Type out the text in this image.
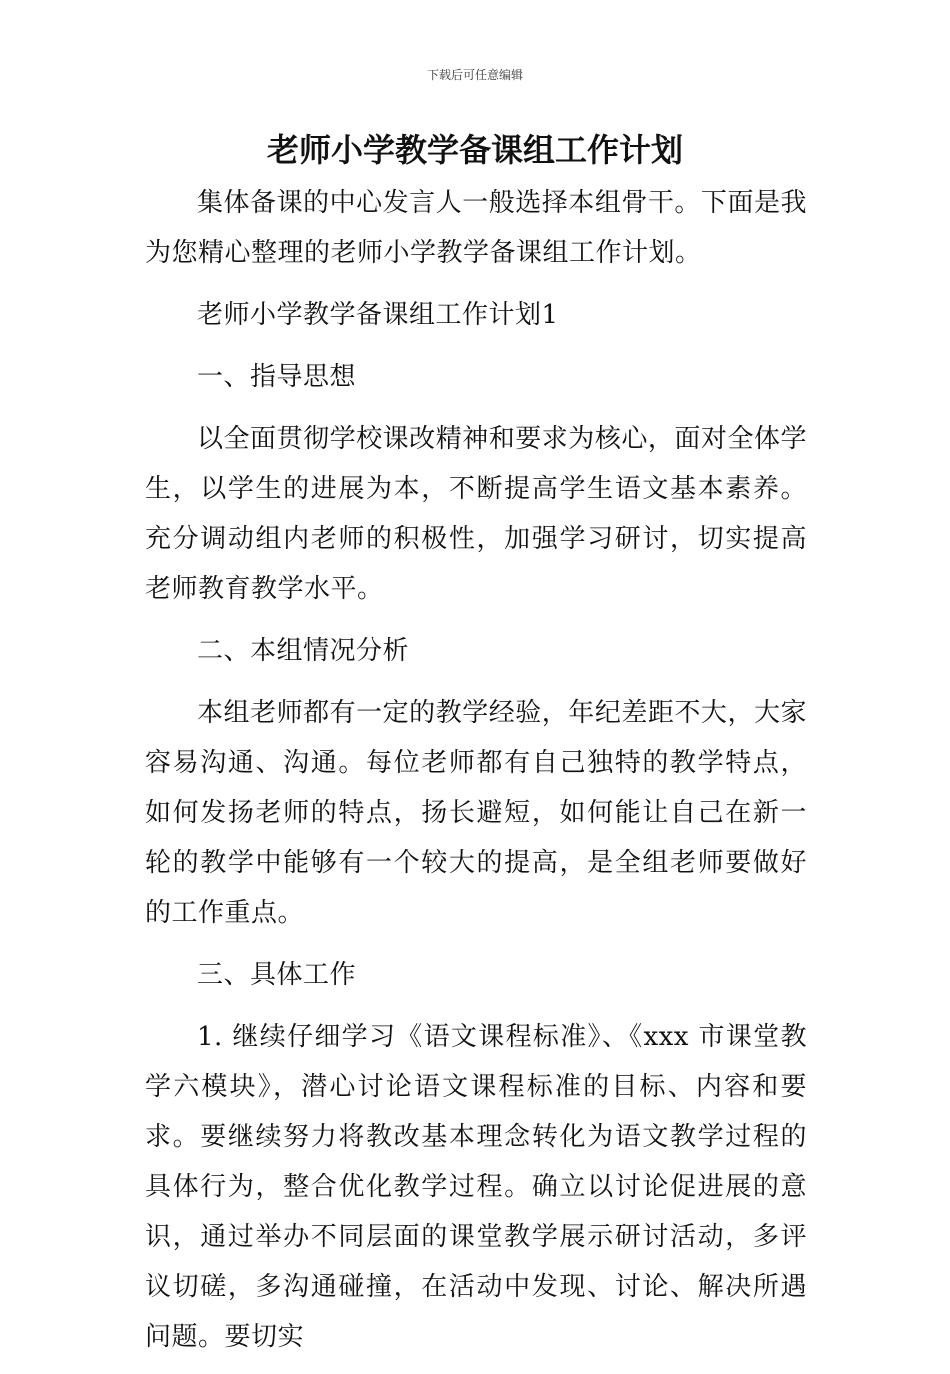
下载后可任意编辑
老师小学教学备课组工作计划

集体备课的中心发言人一般选择本组骨干。下面是我为您精心整理的老师小学教学备课组工作计划。

老师小学教学备课组工作计划1

一、指导思想

以全面贯彻学校课改精神和要求为核心，面对全体学生，以学生的进展为本，不断提高学生语文基本素养。充分调动组内老师的积极性，加强学习研讨，切实提高老师教育教学水平。

二、本组情况分析

本组老师都有一定的教学经验，年纪差距不大，大家容易沟通、沟通。每位老师都有自己独特的教学特点，如何发扬老师的特点，扬长避短，如何能让自己在新一轮的教学中能够有一个较大的提高，是全组老师要做好的工作重点。

三、具体工作

1. 继续仔细学习《语文课程标准》、《xxx 市课堂教学六模块》，潜心讨论语文课程标准的目标、内容和要求。要继续努力将教改基本理念转化为语文教学过程的具体行为，整合优化教学过程。确立以讨论促进展的意识，通过举办不同层面的课堂教学展示研讨活动，多评议切磋，多沟通碰撞，在活动中发现、讨论、解决所遇问题。要切实
